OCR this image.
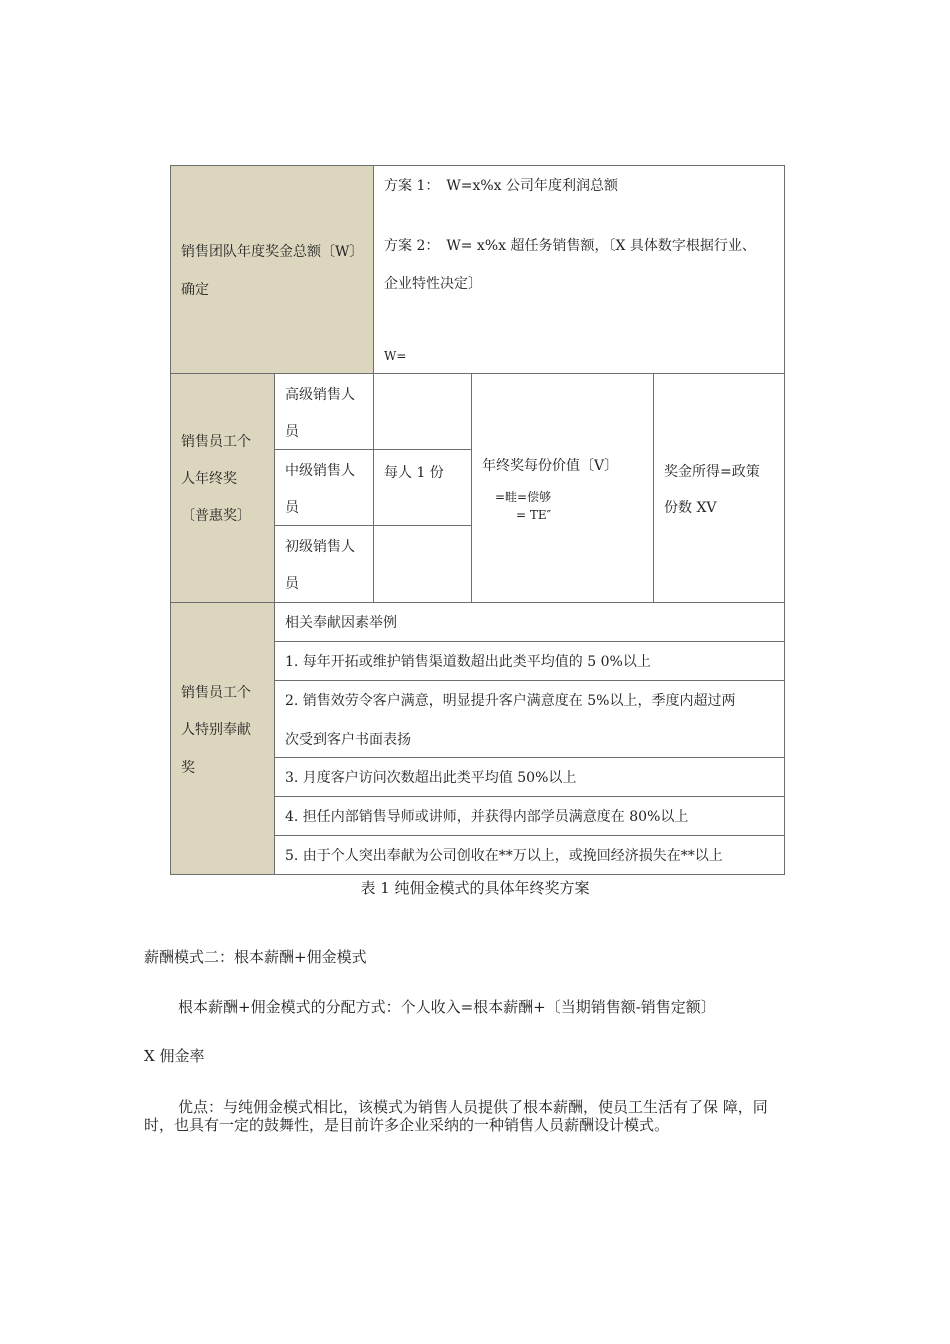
销售团队年度奖金总额〔W〕
确定
方案 1：　W=x%x 公司年度利润总额
方案 2：　W= x%x 超任务销售额，〔X 具体数字根据行业、
企业特性决定〕
W=
销售员工个
人年终奖
〔普惠奖〕
高级销售人
员
中级销售人
员
初级销售人
员
每人 1 份	年终奖每份价值〔V〕
=畦=偿够
= TE″
奖金所得=政策
份数 XV
销售员工个
人特别奉献
奖
相关奉献因素举例
1. 每年开拓或维护销售渠道数超出此类平均值的 5 0%以上
2. 销售效劳令客户满意，明显提升客户满意度在 5%以上，季度内超过两
次受到客户书面表扬
3. 月度客户访问次数超出此类平均值 50%以上
4. 担任内部销售导师或讲师，并获得内部学员满意度在 80%以上
5. 由于个人突出奉献为公司创收在**万以上，或挽回经济损失在**以上
表 1 纯佣金模式的具体年终奖方案
薪酬模式二：根本薪酬+佣金模式
根本薪酬+佣金模式的分配方式：个人收入=根本薪酬+〔当期销售额-销售定额〕
X 佣金率
优点：与纯佣金模式相比，该模式为销售人员提供了根本薪酬，使员工生活有了保 障，同
时，也具有一定的鼓舞性，是目前许多企业采纳的一种销售人员薪酬设计模式。
